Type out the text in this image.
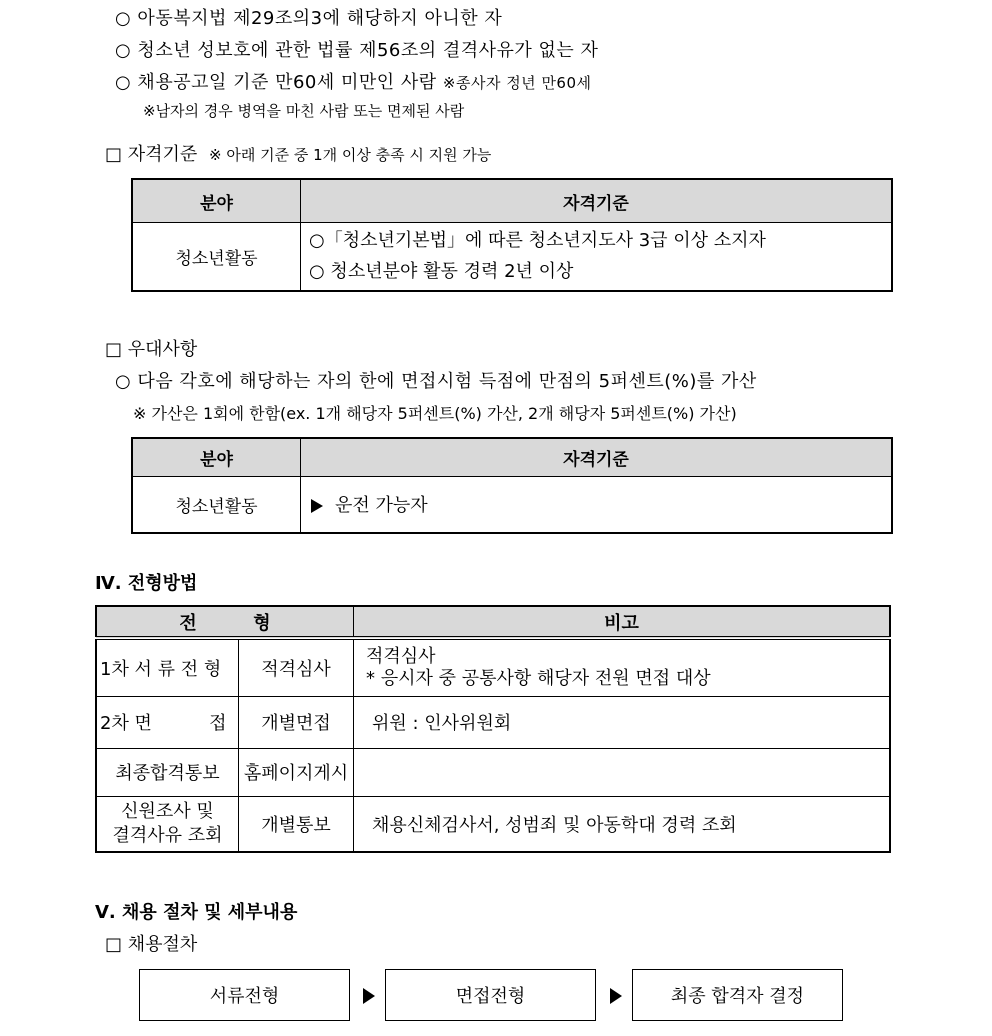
○ 아동복지법 제29조의3에 해당하지 아니한 자
○ 청소년 성보호에 관한 법률 제56조의 결격사유가 없는 자
○ 채용공고일 기준 만60세 미만인 사람 ※종사자 정년 만60세
※남자의 경우 병역을 마친 사람 또는 면제된 사람
□ 자격기준 ※ 아래 기준 중 1개 이상 충족 시 지원 가능
분야	자격기준
청소년활동	○「청소년기본법」에 따른 청소년지도사 3급 이상 소지자
○ 청소년분야 활동 경력 2년 이상
□ 우대사항
○ 다음 각호에 해당하는 자의 한에 면접시험 득점에 만점의 5퍼센트(%)를 가산
※ 가산은 1회에 한함(ex. 1개 해당자 5퍼센트(%) 가산, 2개 해당자 5퍼센트(%) 가산)
분야	자격기준
청소년활동	운전 가능자
Ⅳ. 전형방법
전         형		비고
1차 서 류 전 형	적격심사	적격심사
* 응시자 중 공통사항 해당자 전원 면접 대상

2차 면          접	개별면접	위원 : 인사위원회
최종합격통보	홈페이지게시	

신원조사 및
결격사유 조회	개별통보	채용신체검사서, 성범죄 및 아동학대 경력 조회
Ⅴ. 채용 절차 및 세부내용
□ 채용절차
서류전형	면접전형	최종 합격자 결정
